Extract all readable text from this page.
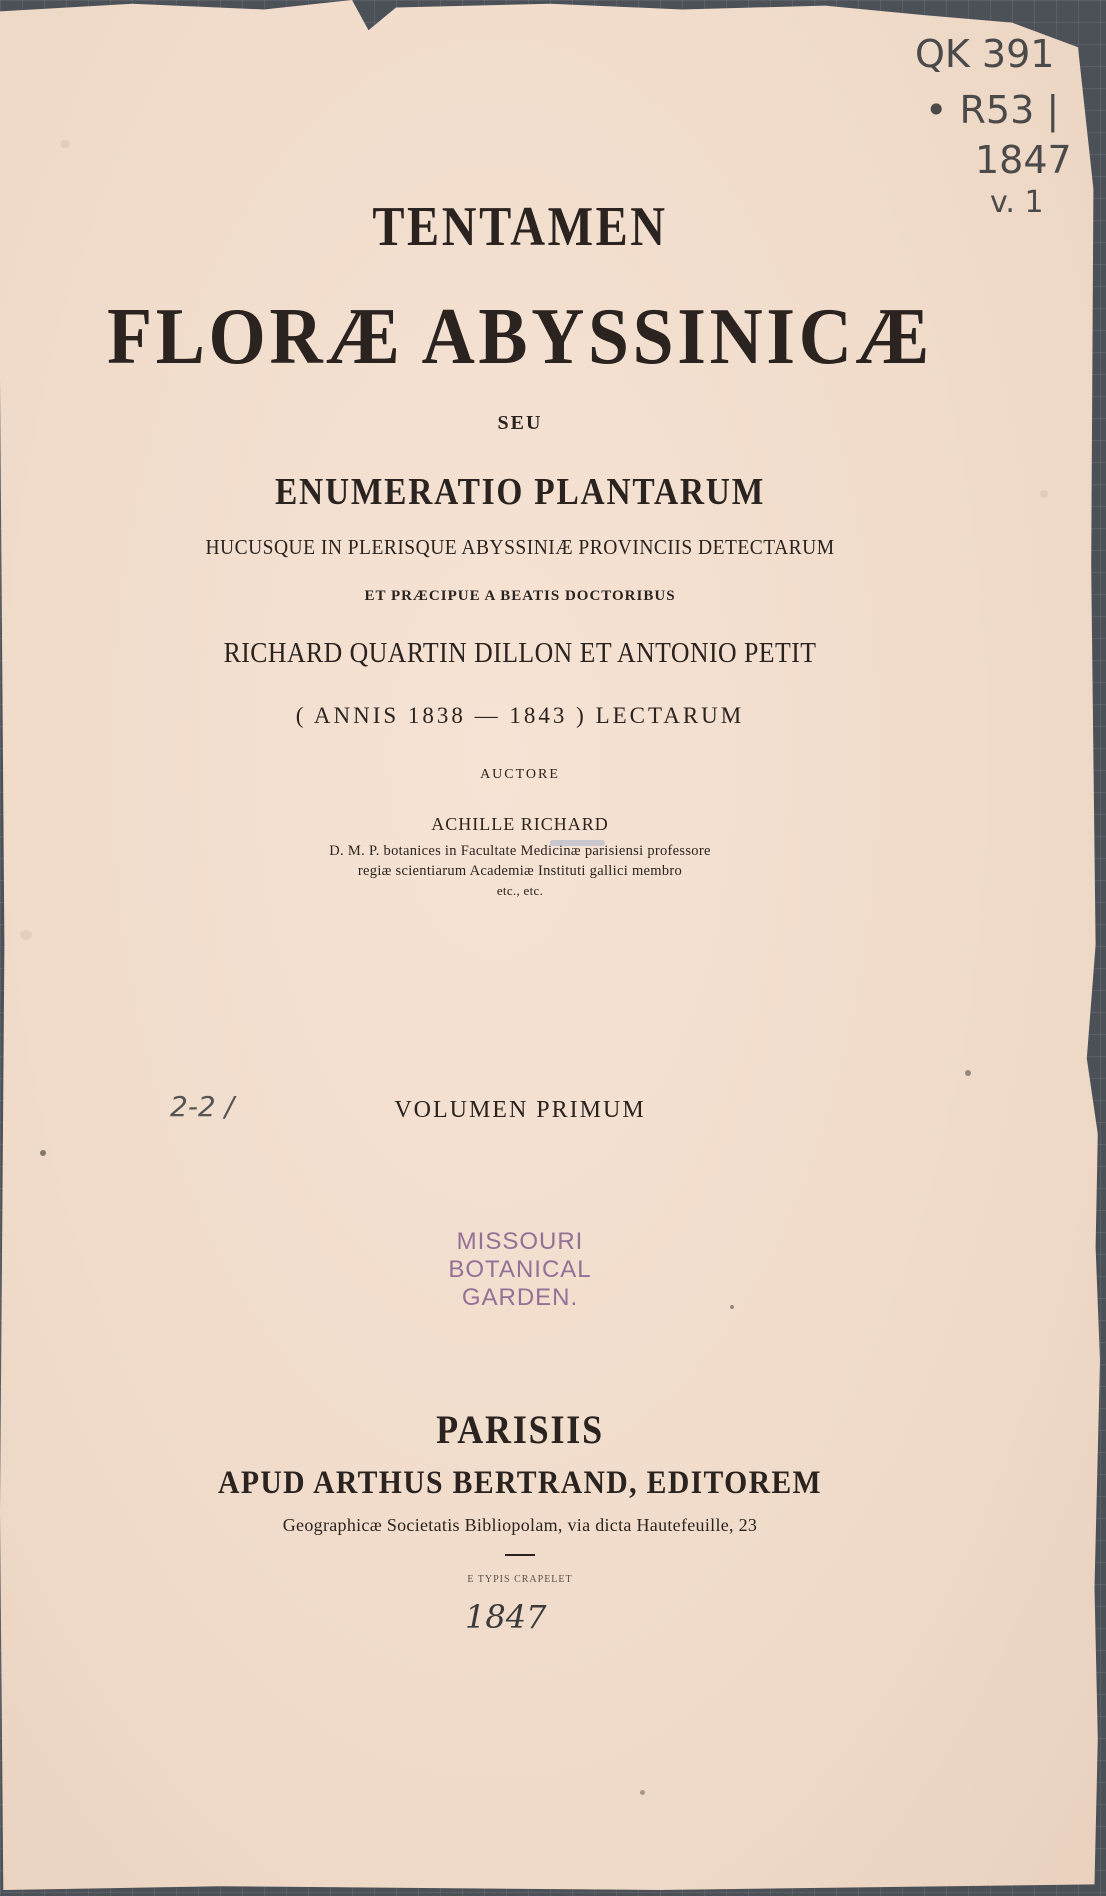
TENTAMEN
FLORÆ ABYSSINICÆ
SEU
ENUMERATIO PLANTARUM
HUCUSQUE IN PLERISQUE ABYSSINIÆ PROVINCIIS DETECTARUM
ET PRÆCIPUE A BEATIS DOCTORIBUS
RICHARD QUARTIN DILLON ET ANTONIO PETIT
( ANNIS 1838 — 1843 ) LECTARUM
AUCTORE
ACHILLE RICHARD
D. M. P. botanices in Facultate Medicinæ parisiensi professore
regiæ scientiarum Academiæ Instituti gallici membro
etc., etc.
2-2 /	VOLUMEN PRIMUM
MISSOURI
BOTANICAL
GARDEN.
PARISIIS
APUD ARTHUS BERTRAND, EDITOREM
Geographicæ Societatis Bibliopolam, via dicta Hautefeuille, 23
E TYPIS CRAPELET
1847
QK 391
• R53 |
1847
v. 1
